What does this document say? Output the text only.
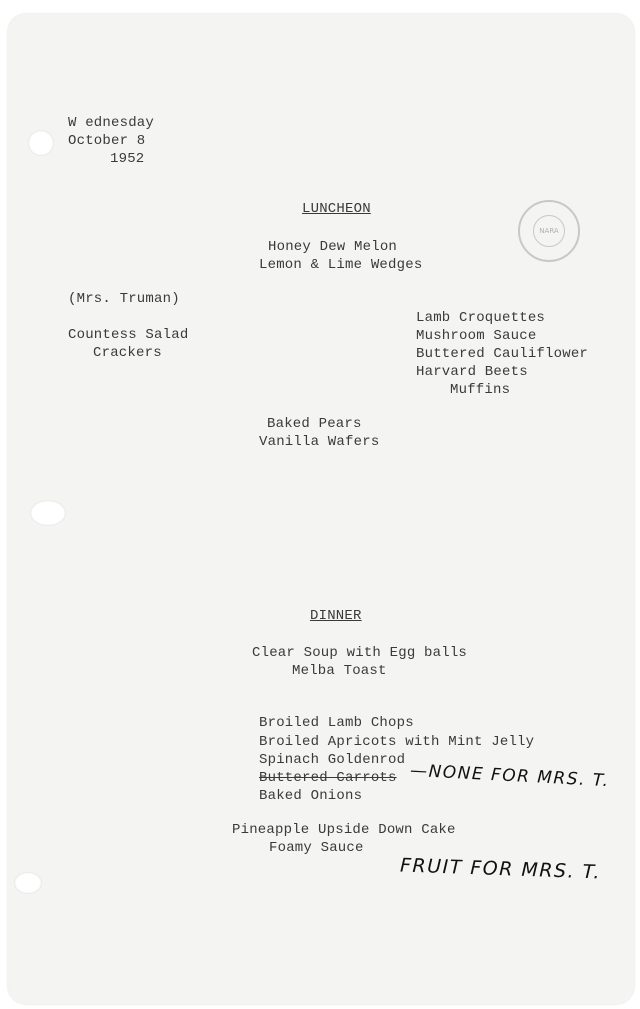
W ednesday
October 8
1952
LUNCHEON
NARA
Honey Dew Melon
Lemon & Lime Wedges
(Mrs. Truman)
Countess Salad
Crackers
Lamb Croquettes
Mushroom Sauce
Buttered Cauliflower
Harvard Beets
Muffins
Baked Pears
Vanilla Wafers
DINNER
Clear Soup with Egg balls
Melba Toast
Broiled Lamb Chops
Broiled Apricots with Mint Jelly
Spinach Goldenrod
Buttered Carrots
Baked Onions
—NONE FOR MRS. T.
Pineapple Upside Down Cake
Foamy Sauce
FRUIT FOR MRS. T.
